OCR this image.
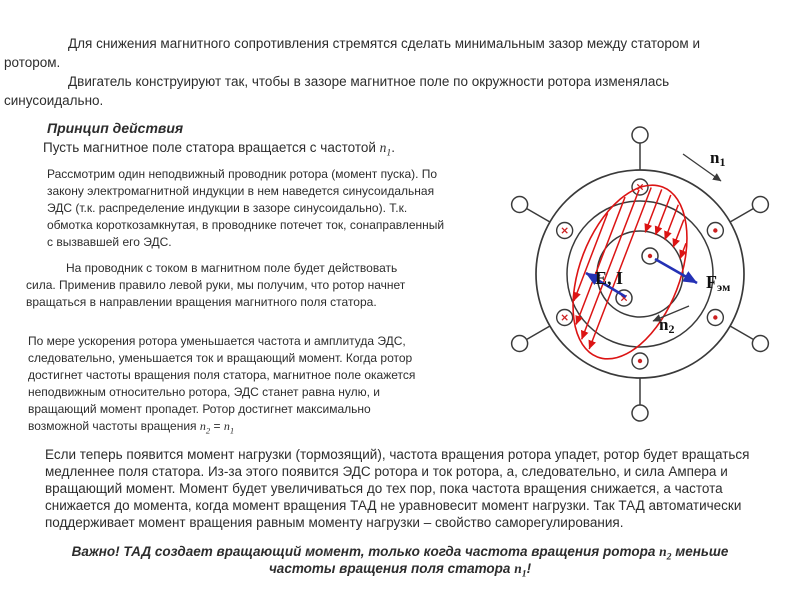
Для снижения магнитного сопротивления стремятся сделать минимальным зазор между статором и ротором.

Двигатель конструируют так, чтобы в зазоре магнитное поле по окружности ротора изменялась синусоидально.

Принцип действия
Пусть магнитное поле статора вращается с частотой $n_1$.

Рассмотрим один неподвижный проводник ротора (момент пуска). По закону электромагнитной индукции в нем наведется синусоидальная ЭДС (т.к. распределение индукции в зазоре синусоидально). Т.к. обмотка короткозамкнутая, в проводнике потечет ток, сонаправленный с вызвавшей его ЭДС.

На проводник с током в магнитном поле будет действовать сила. Применив правило левой руки, мы получим, что ротор начнет вращаться в направлении вращения магнитного поля статора.

По мере ускорения ротора уменьшается частота и амплитуда ЭДС, следовательно, уменьшается ток и вращающий момент. Когда ротор достигнет частоты вращения поля статора, магнитное поле окажется неподвижным относительно ротора, ЭДС станет равна нулю, и вращающий момент пропадет. Ротор достигнет максимально возможной частоты вращения $n_2 = n_1$

Если теперь появится момент нагрузки (тормозящий), частота вращения ротора упадет, ротор будет вращаться медленнее поля статора. Из-за этого появится ЭДС ротора и ток ротора, а, следовательно, и сила Ампера и вращающий момент. Момент будет увеличиваться до тех пор, пока частота вращения снижается, а частота снижается до момента, когда момент вращения ТАД не уравновесит момент нагрузки. Так ТАД автоматически поддерживает момент вращения равным моменту нагрузки – свойство саморегулирования.

Важно! ТАД создает вращающий момент, только когда частота вращения ротора $n_2$ меньше частоты вращения поля статора $n_1$!

n1
n2
E, I	Fэм
